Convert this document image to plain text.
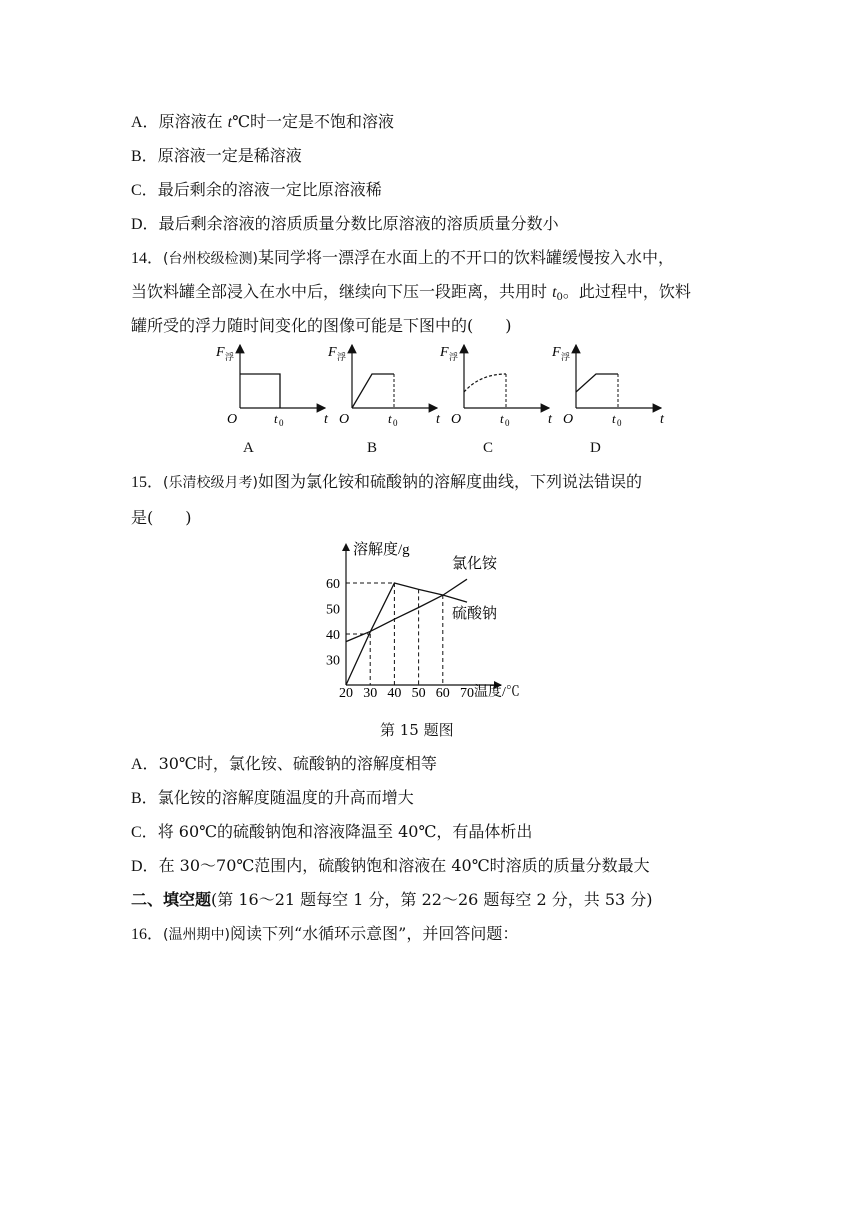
A．原溶液在 t℃时一定是不饱和溶液
B．原溶液一定是稀溶液
C．最后剩余的溶液一定比原溶液稀
D．最后剩余溶液的溶质质量分数比原溶液的溶质质量分数小
14．(台州校级检测)某同学将一漂浮在水面上的不开口的饮料罐缓慢按入水中，
当饮料罐全部浸入在水中后，继续向下压一段距离，共用时 $t_0$。此过程中，饮料
罐所受的浮力随时间变化的图像可能是下图中的(　　)
F 浮
O	t 0	t
F 浮
O	t 0	t
F 浮
O	t 0	t
F 浮
O	t 0	t
A	B	C	D
15．(乐清校级月考)如图为氯化铵和硫酸钠的溶解度曲线，下列说法错误的
是(　　)
溶解度/g
温度/℃
20 30 40 50 60 70
30
40
50
60
氯化铵
硫酸钠
第 15 题图
A．30℃时，氯化铵、硫酸钠的溶解度相等
B．氯化铵的溶解度随温度的升高而增大
C．将 60℃的硫酸钠饱和溶液降温至 40℃，有晶体析出
D．在 30～70℃范围内，硫酸钠饱和溶液在 40℃时溶质的质量分数最大
二、填空题(第 16～21 题每空 1 分，第 22～26 题每空 2 分，共 53 分)
16．(温州期中)阅读下列“水循环示意图”，并回答问题：
